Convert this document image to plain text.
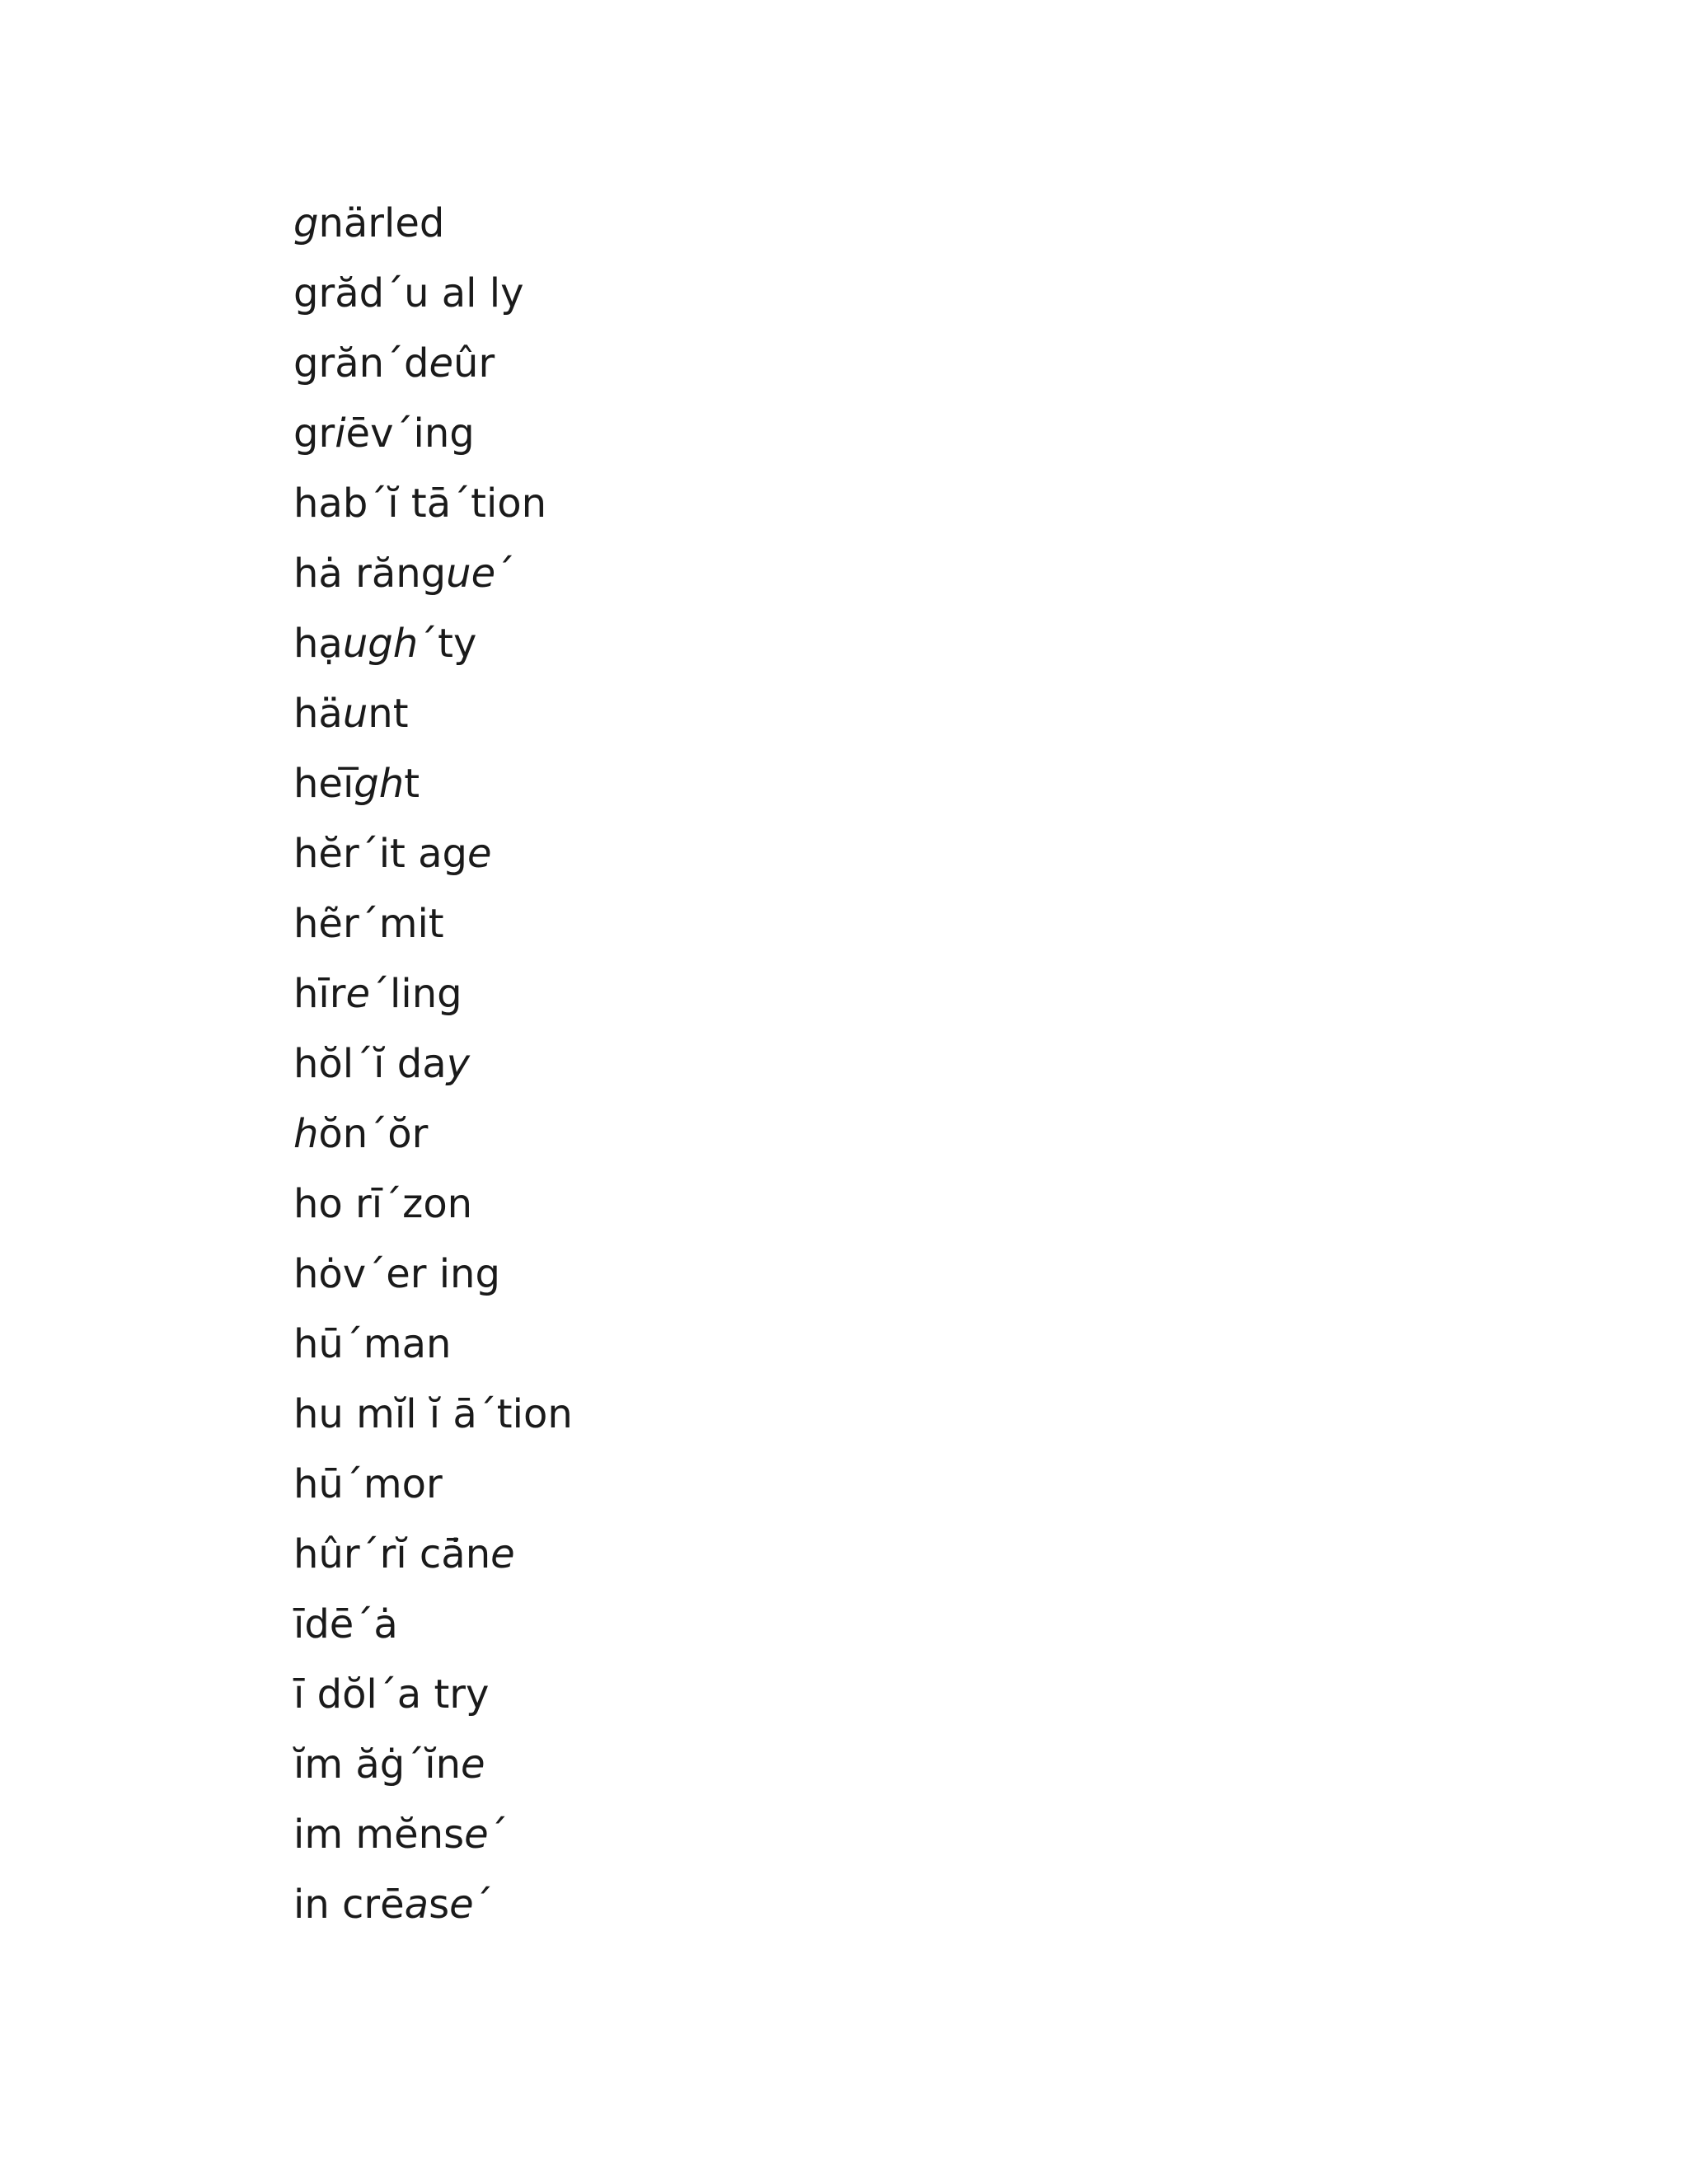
gnärled
grăd´u al ly
grăn´deûr
griēv´ing
hab´ĭ tā´tion
hȧ răngue´
hạugh´ty
häunt
hei̅ght
hĕr´it age
hẽr´mit
hīre´ling
hŏl´ĭ day
hŏn´ŏr
ho rī´zon
hȯv´er ing
hū´man
hu mĭl ĭ ā´tion
hū´mor
hûr´rĭ cā̇ne
īdē´ȧ
ī dŏl´a try
ĭm ăġ´ĭne
im mĕnse´
in crēase´
